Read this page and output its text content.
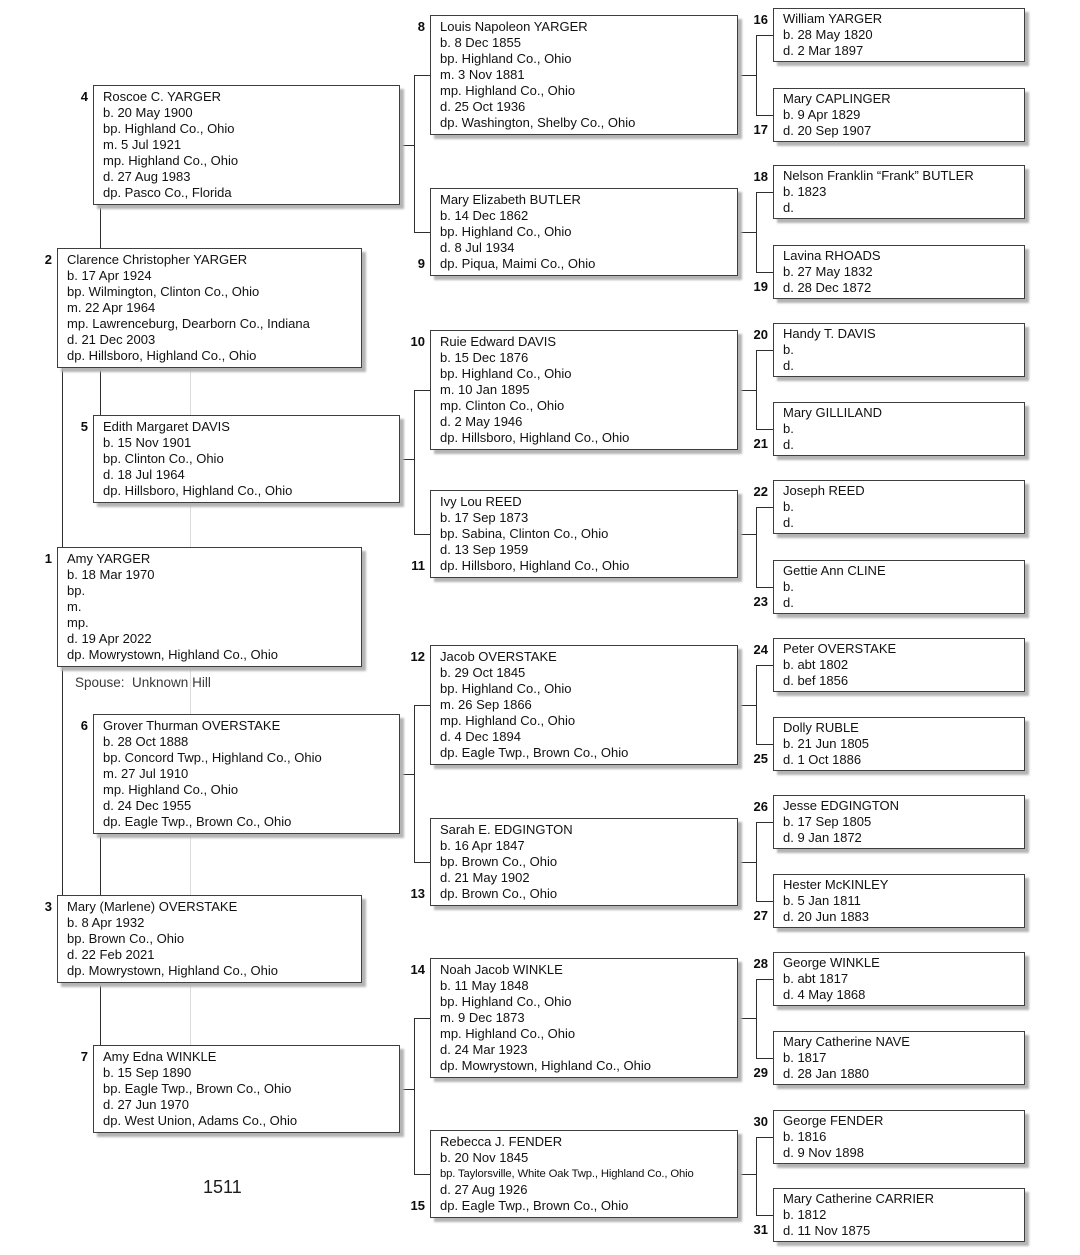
1 Amy YARGER
b. 18 Mar 1970
bp.
m.
mp.
d. 19 Apr 2022
dp. Mowrystown, Highland Co., Ohio
2 Clarence Christopher YARGER
b. 17 Apr 1924
bp. Wilmington, Clinton Co., Ohio
m. 22 Apr 1964
mp. Lawrenceburg, Dearborn Co., Indiana
d. 21 Dec 2003
dp. Hillsboro, Highland Co., Ohio
3 Mary (Marlene) OVERSTAKE
b. 8 Apr 1932
bp. Brown Co., Ohio
d. 22 Feb 2021
dp. Mowrystown, Highland Co., Ohio
4 Roscoe C. YARGER
b. 20 May 1900
bp. Highland Co., Ohio
m. 5 Jul 1921
mp. Highland Co., Ohio
d. 27 Aug 1983
dp. Pasco Co., Florida
5 Edith Margaret DAVIS
b. 15 Nov 1901
bp. Clinton Co., Ohio
d. 18 Jul 1964
dp. Hillsboro, Highland Co., Ohio
6 Grover Thurman OVERSTAKE
b. 28 Oct 1888
bp. Concord Twp., Highland Co., Ohio
m. 27 Jul 1910
mp. Highland Co., Ohio
d. 24 Dec 1955
dp. Eagle Twp., Brown Co., Ohio
7 Amy Edna WINKLE
b. 15 Sep 1890
bp. Eagle Twp., Brown Co., Ohio
d. 27 Jun 1970
dp. West Union, Adams Co., Ohio
8 Louis Napoleon YARGER
b. 8 Dec 1855
bp. Highland Co., Ohio
m. 3 Nov 1881
mp. Highland Co., Ohio
d. 25 Oct 1936
dp. Washington, Shelby Co., Ohio
9
Mary Elizabeth BUTLER
b. 14 Dec 1862
bp. Highland Co., Ohio
d. 8 Jul 1934
dp. Piqua, Maimi Co., Ohio
10 Ruie Edward DAVIS
b. 15 Dec 1876
bp. Highland Co., Ohio
m. 10 Jan 1895
mp. Clinton Co., Ohio
d. 2 May 1946
dp. Hillsboro, Highland Co., Ohio
11
Ivy Lou REED
b. 17 Sep 1873
bp. Sabina, Clinton Co., Ohio
d. 13 Sep 1959
dp. Hillsboro, Highland Co., Ohio
12 Jacob OVERSTAKE
b. 29 Oct 1845
bp. Highland Co., Ohio
m. 26 Sep 1866
mp. Highland Co., Ohio
d. 4 Dec 1894
dp. Eagle Twp., Brown Co., Ohio
13
Sarah E. EDGINGTON
b. 16 Apr 1847
bp. Brown Co., Ohio
d. 21 May 1902
dp. Brown Co., Ohio
14 Noah Jacob WINKLE
b. 11 May 1848
bp. Highland Co., Ohio
m. 9 Dec 1873
mp. Highland Co., Ohio
d. 24 Mar 1923
dp. Mowrystown, Highland Co., Ohio
15
Rebecca J. FENDER
b. 20 Nov 1845
bp. Taylorsville, White Oak Twp., Highland Co., Ohio
d. 27 Aug 1926
dp. Eagle Twp., Brown Co., Ohio
16 William YARGER
b. 28 May 1820
d. 2 Mar 1897
17
Mary CAPLINGER
b. 9 Apr 1829
d. 20 Sep 1907
18 Nelson Franklin “Frank” BUTLER
b. 1823
d.
19
Lavina RHOADS
b. 27 May 1832
d. 28 Dec 1872
20 Handy T. DAVIS
b.
d.
21
Mary GILLILAND
b.
d.
22 Joseph REED
b.
d.
23
Gettie Ann CLINE
b.
d.
24 Peter OVERSTAKE
b. abt 1802
d. bef 1856
25
Dolly RUBLE
b. 21 Jun 1805
d. 1 Oct 1886
26 Jesse EDGINGTON
b. 17 Sep 1805
d. 9 Jan 1872
27
Hester McKINLEY
b. 5 Jan 1811
d. 20 Jun 1883
28 George WINKLE
b. abt 1817
d. 4 May 1868
29
Mary Catherine NAVE
b. 1817
d. 28 Jan 1880
30 George FENDER
b. 1816
d. 9 Nov 1898
31
Mary Catherine CARRIER
b. 1812
d. 11 Nov 1875
Spouse:  Unknown Hill
1511
